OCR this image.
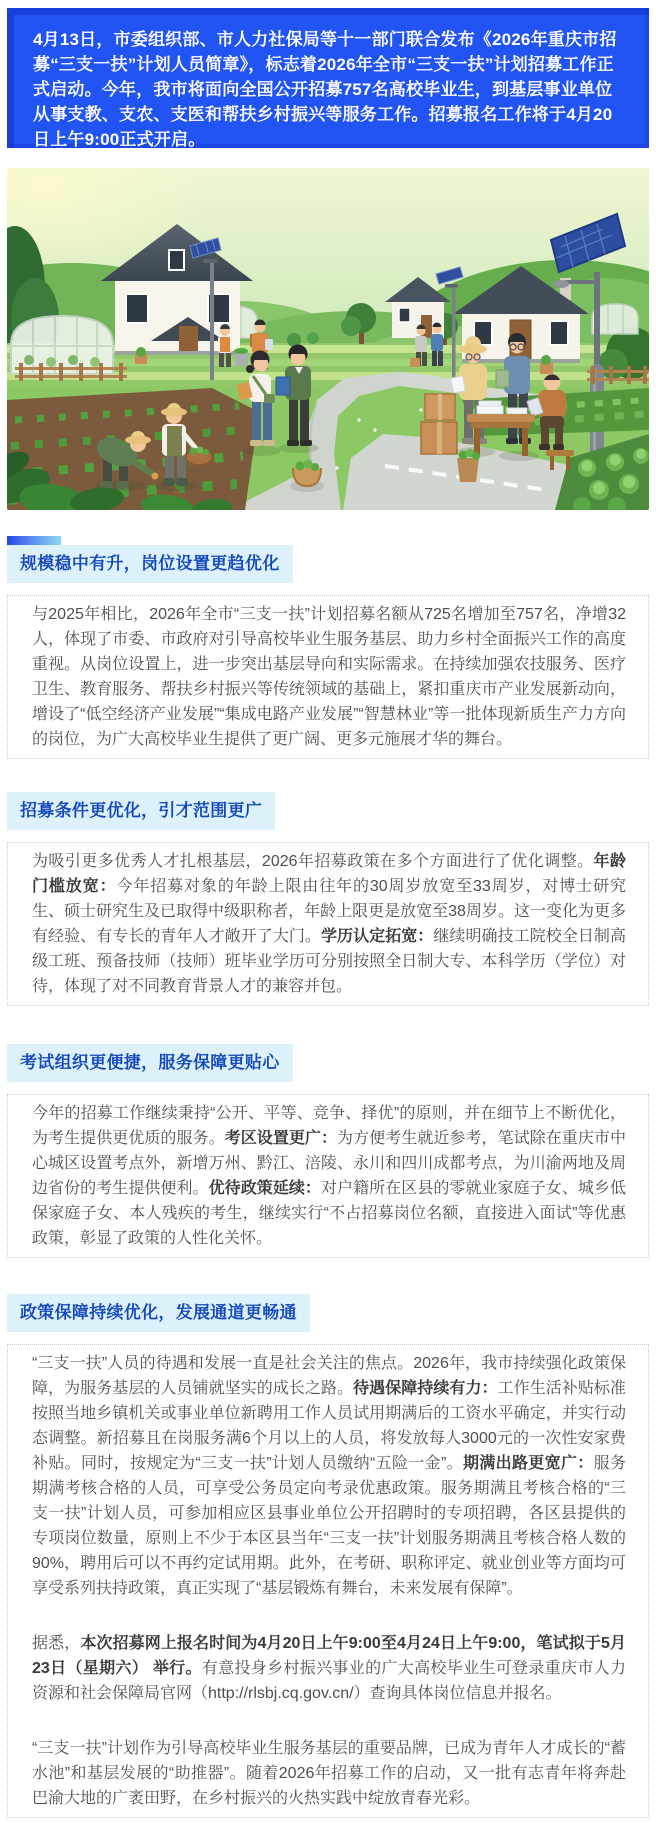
4月13日，市委组织部、市人力社保局等十一部门联合发布《2026年重庆市招募“三支一扶”计划人员简章》，标志着2026年全市“三支一扶”计划招募工作正式启动。今年，我市将面向全国公开招募757名高校毕业生，到基层事业单位从事支教、支农、支医和帮扶乡村振兴等服务工作。招募报名工作将于4月20日上午9:00正式开启。

规模稳中有升，岗位设置更趋优化

与2025年相比，2026年全市“三支一扶”计划招募名额从725名增加至757名，净增32人，体现了市委、市政府对引导高校毕业生服务基层、助力乡村全面振兴工作的高度重视。从岗位设置上，进一步突出基层导向和实际需求。在持续加强农技服务、医疗卫生、教育服务、帮扶乡村振兴等传统领域的基础上，紧扣重庆市产业发展新动向，增设了“低空经济产业发展”“集成电路产业发展”“智慧林业”等一批体现新质生产力方向的岗位，为广大高校毕业生提供了更广阔、更多元施展才华的舞台。

招募条件更优化，引才范围更广

为吸引更多优秀人才扎根基层，2026年招募政策在多个方面进行了优化调整。年龄门槛放宽：今年招募对象的年龄上限由往年的30周岁放宽至33周岁，对博士研究生、硕士研究生及已取得中级职称者，年龄上限更是放宽至38周岁。这一变化为更多有经验、有专长的青年人才敞开了大门。学历认定拓宽：继续明确技工院校全日制高级工班、预备技师（技师）班毕业学历可分别按照全日制大专、本科学历（学位）对待，体现了对不同教育背景人才的兼容并包。

考试组织更便捷，服务保障更贴心

今年的招募工作继续秉持“公开、平等、竞争、择优”的原则，并在细节上不断优化，为考生提供更优质的服务。考区设置更广：为方便考生就近参考，笔试除在重庆市中心城区设置考点外，新增万州、黔江、涪陵、永川和四川成都考点，为川渝两地及周边省份的考生提供便利。优待政策延续：对户籍所在区县的零就业家庭子女、城乡低保家庭子女、本人残疾的考生，继续实行“不占招募岗位名额，直接进入面试”等优惠政策，彰显了政策的人性化关怀。

政策保障持续优化，发展通道更畅通

“三支一扶”人员的待遇和发展一直是社会关注的焦点。2026年，我市持续强化政策保障，为服务基层的人员铺就坚实的成长之路。待遇保障持续有力：工作生活补贴标准按照当地乡镇机关或事业单位新聘用工作人员试用期满后的工资水平确定，并实行动态调整。新招募且在岗服务满6个月以上的人员，将发放每人3000元的一次性安家费补贴。同时，按规定为“三支一扶”计划人员缴纳“五险一金”。期满出路更宽广：服务期满考核合格的人员，可享受公务员定向考录优惠政策。服务期满且考核合格的“三支一扶”计划人员，可参加相应区县事业单位公开招聘时的专项招聘，各区县提供的专项岗位数量，原则上不少于本区县当年“三支一扶”计划服务期满且考核合格人数的90%，聘用后可以不再约定试用期。此外，在考研、职称评定、就业创业等方面均可享受系列扶持政策，真正实现了“基层锻炼有舞台，未来发展有保障”。

据悉，本次招募网上报名时间为4月20日上午9:00至4月24日上午9:00，笔试拟于5月23日（星期六） 举行。有意投身乡村振兴事业的广大高校毕业生可登录重庆市人力资源和社会保障局官网（http://rlsbj.cq.gov.cn/）查询具体岗位信息并报名。

“三支一扶”计划作为引导高校毕业生服务基层的重要品牌，已成为青年人才成长的“蓄水池”和基层发展的“助推器”。随着2026年招募工作的启动，又一批有志青年将奔赴巴渝大地的广袤田野，在乡村振兴的火热实践中绽放青春光彩。
